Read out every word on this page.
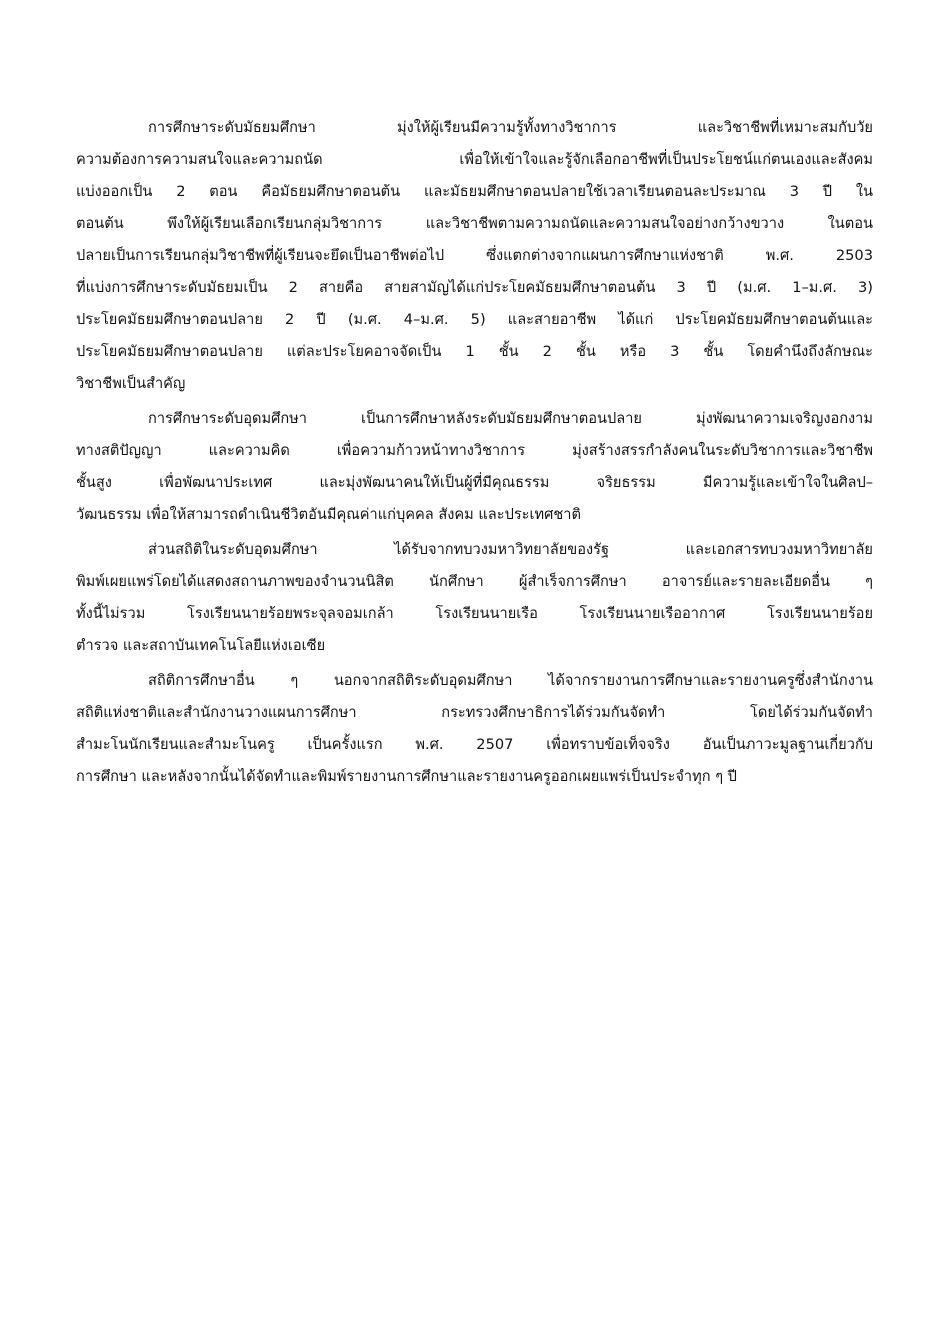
การศึกษาระดับมัธยมศึกษา มุ่งให้ผู้เรียนมีความรู้ทั้งทางวิชาการ และวิชาชีพที่เหมาะสมกับวัย
ความต้องการความสนใจและความถนัด เพื่อให้เข้าใจและรู้จักเลือกอาชีพที่เป็นประโยชน์แก่ตนเองและสังคม
แบ่งออกเป็น 2 ตอน คือมัธยมศึกษาตอนต้น และมัธยมศึกษาตอนปลายใช้เวลาเรียนตอนละประมาณ 3 ปี ใน
ตอนต้น พึงให้ผู้เรียนเลือกเรียนกลุ่มวิชาการ และวิชาชีพตามความถนัดและความสนใจอย่างกว้างขวาง ในตอน
ปลายเป็นการเรียนกลุ่มวิชาชีพที่ผู้เรียนจะยึดเป็นอาชีพต่อไป ซึ่งแตกต่างจากแผนการศึกษาแห่งชาติ พ.ศ. 2503
ที่แบ่งการศึกษาระดับมัธยมเป็น 2 สายคือ สายสามัญได้แก่ประโยคมัธยมศึกษาตอนต้น 3 ปี (ม.ศ. 1–ม.ศ. 3)
ประโยคมัธยมศึกษาตอนปลาย 2 ปี (ม.ศ. 4–ม.ศ. 5) และสายอาชีพ ได้แก่ ประโยคมัธยมศึกษาตอนต้นและ
ประโยคมัธยมศึกษาตอนปลาย แต่ละประโยคอาจจัดเป็น 1 ชั้น 2 ชั้น หรือ 3 ชั้น โดยคำนึงถึงลักษณะ
วิชาชีพเป็นสำคัญ
การศึกษาระดับอุดมศึกษา เป็นการศึกษาหลังระดับมัธยมศึกษาตอนปลาย มุ่งพัฒนาความเจริญงอกงาม
ทางสติปัญญา และความคิด เพื่อความก้าวหน้าทางวิชาการ มุ่งสร้างสรรกำลังคนในระดับวิชาการและวิชาชีพ
ชั้นสูง เพื่อพัฒนาประเทศ และมุ่งพัฒนาคนให้เป็นผู้ที่มีคุณธรรม จริยธรรม มีความรู้และเข้าใจในศิลป–
วัฒนธรรม เพื่อให้สามารถดำเนินชีวิตอันมีคุณค่าแก่บุคคล สังคม และประเทศชาติ
ส่วนสถิติในระดับอุดมศึกษา ได้รับจากทบวงมหาวิทยาลัยของรัฐ และเอกสารทบวงมหาวิทยาลัย
พิมพ์เผยแพร่โดยได้แสดงสถานภาพของจำนวนนิสิต นักศึกษา ผู้สำเร็จการศึกษา อาจารย์และรายละเอียดอื่น ๆ
ทั้งนี้ไม่รวม โรงเรียนนายร้อยพระจุลจอมเกล้า โรงเรียนนายเรือ โรงเรียนนายเรืออากาศ โรงเรียนนายร้อย
ตำรวจ และสถาบันเทคโนโลยีแห่งเอเซีย
สถิติการศึกษาอื่น ๆ นอกจากสถิติระดับอุดมศึกษา ได้จากรายงานการศึกษาและรายงานครูซึ่งสำนักงาน
สถิติแห่งชาติและสำนักงานวางแผนการศึกษา กระทรวงศึกษาธิการได้ร่วมกันจัดทำ โดยได้ร่วมกันจัดทำ
สำมะโนนักเรียนและสำมะโนครู เป็นครั้งแรก พ.ศ. 2507 เพื่อทราบข้อเท็จจริง อันเป็นภาวะมูลฐานเกี่ยวกับ
การศึกษา และหลังจากนั้นได้จัดทำและพิมพ์รายงานการศึกษาและรายงานครูออกเผยแพร่เป็นประจำทุก ๆ ปี
